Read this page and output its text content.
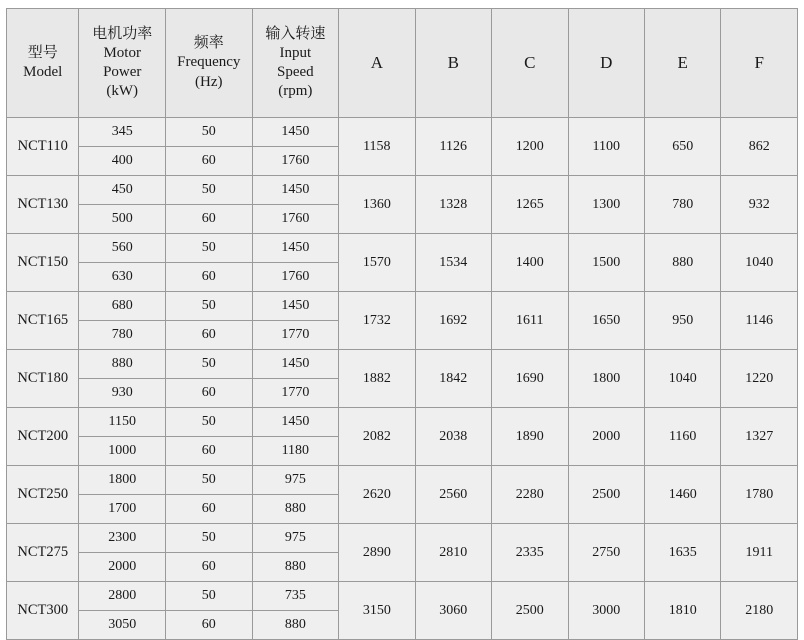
型号
Model	电机功率
Motor
Power
(kW)	频率
Frequency
(Hz)	输入转速
Input
Speed
(rpm)	A	B	C	D	E	F

NCT110	345	50	1450	1158	1126	1200	1100	650	862
	400	60	1760						
NCT130	450	50	1450	1360	1328	1265	1300	780	932
	500	60	1760						
NCT150	560	50	1450	1570	1534	1400	1500	880	1040
	630	60	1760						
NCT165	680	50	1450	1732	1692	1611	1650	950	1146
	780	60	1770						
NCT180	880	50	1450	1882	1842	1690	1800	1040	1220
	930	60	1770						
NCT200	1150	50	1450	2082	2038	1890	2000	1160	1327
	1000	60	1180						
NCT250	1800	50	975	2620	2560	2280	2500	1460	1780
	1700	60	880						
NCT275	2300	50	975	2890	2810	2335	2750	1635	1911
	2000	60	880						
NCT300	2800	50	735	3150	3060	2500	3000	1810	2180
	3050	60	880						
